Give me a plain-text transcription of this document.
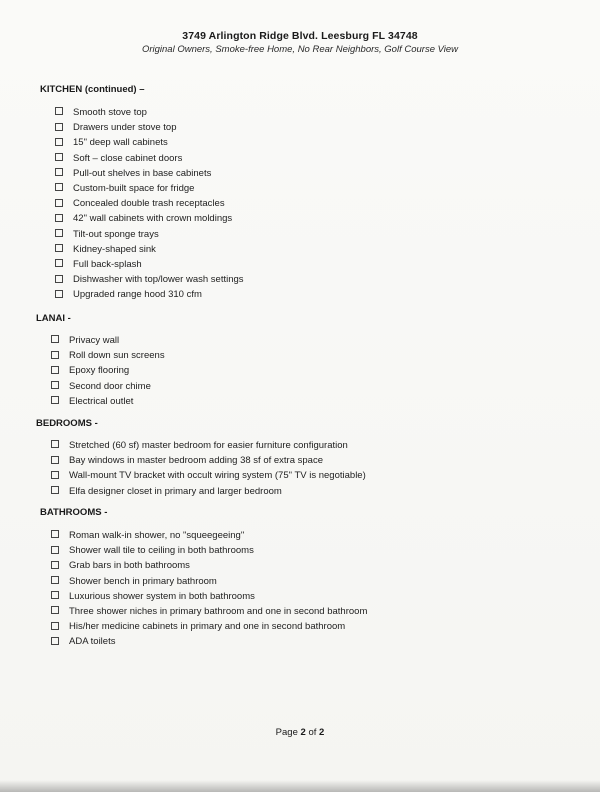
3749 Arlington Ridge Blvd. Leesburg FL 34748
Original Owners, Smoke-free Home, No Rear Neighbors, Golf Course View
KITCHEN (continued) –
Smooth stove top
Drawers under stove top
15" deep wall cabinets
Soft – close cabinet doors
Pull-out shelves in base cabinets
Custom-built space for fridge
Concealed double trash receptacles
42" wall cabinets with crown moldings
Tilt-out sponge trays
Kidney-shaped sink
Full back-splash
Dishwasher with top/lower wash settings
Upgraded range hood 310 cfm
LANAI -
Privacy wall
Roll down sun screens
Epoxy flooring
Second door chime
Electrical outlet
BEDROOMS -
Stretched (60 sf) master bedroom for easier furniture configuration
Bay windows in master bedroom adding 38 sf of extra space
Wall-mount TV bracket with occult wiring system (75" TV is negotiable)
Elfa designer closet in primary and larger bedroom
BATHROOMS -
Roman walk-in shower, no "squeegeeing"
Shower wall tile to ceiling in both bathrooms
Grab bars in both bathrooms
Shower bench in primary bathroom
Luxurious shower system in both bathrooms
Three shower niches in primary bathroom and one in second bathroom
His/her medicine cabinets in primary and one in second bathroom
ADA toilets
Page 2 of 2
